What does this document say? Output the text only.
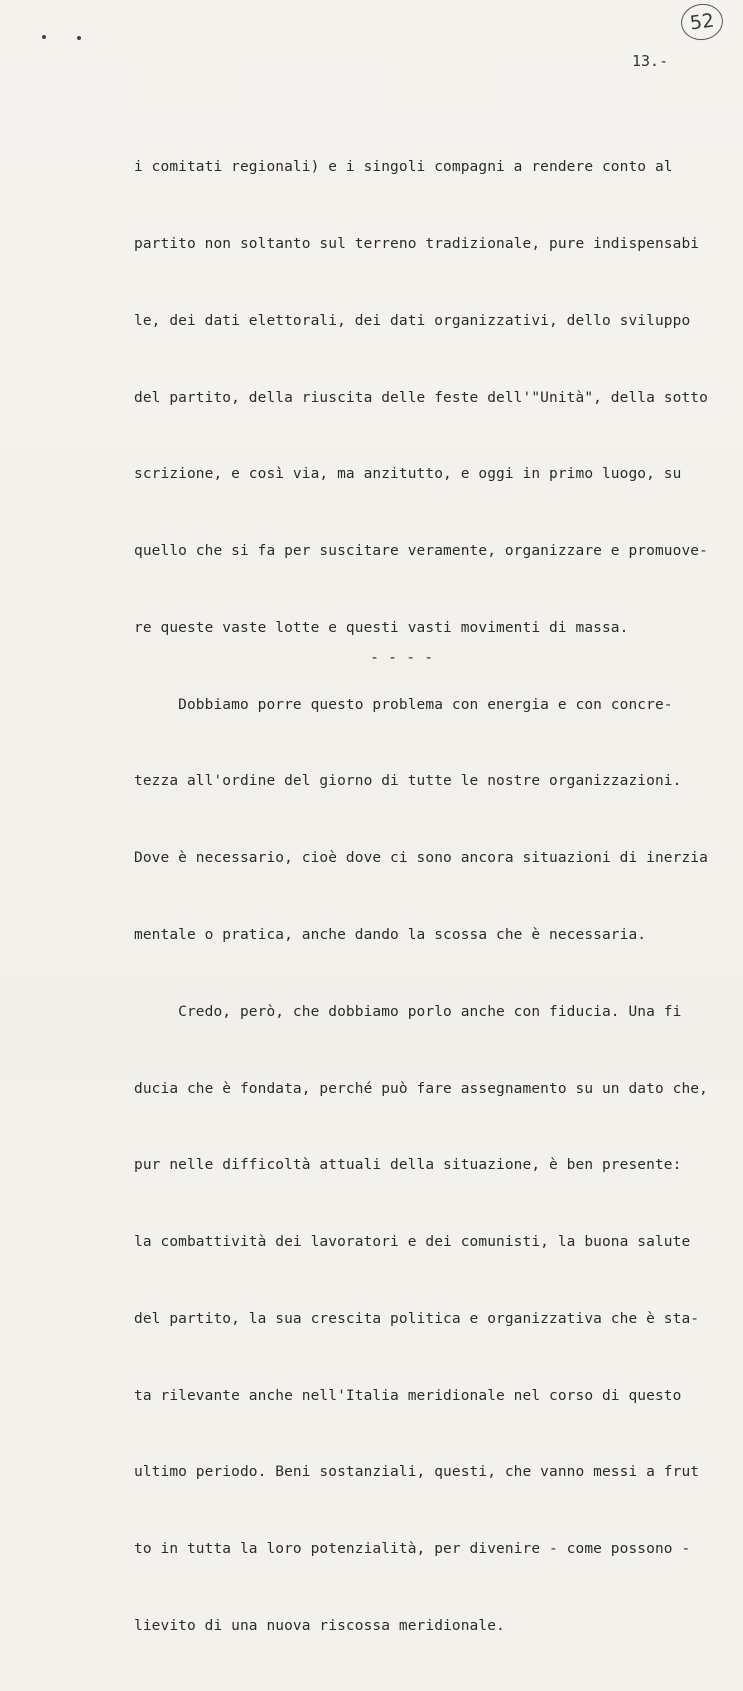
52
13.-

i comitati regionali) e i singoli compagni a rendere conto al

partito non soltanto sul terreno tradizionale, pure indispensabi

le, dei dati elettorali, dei dati organizzativi, dello sviluppo

del partito, della riuscita delle feste dell'"Unità", della sotto

scrizione, e così via, ma anzitutto, e oggi in primo luogo, su

quello che si fa per suscitare veramente, organizzare e promuove-

re queste vaste lotte e questi vasti movimenti di massa.

Dobbiamo porre questo problema con energia e con concre-

tezza all'ordine del giorno di tutte le nostre organizzazioni.

Dove è necessario, cioè dove ci sono ancora situazioni di inerzia

mentale o pratica, anche dando la scossa che è necessaria.

Credo, però, che dobbiamo porlo anche con fiducia. Una fi

ducia che è fondata, perché può fare assegnamento su un dato che,

pur nelle difficoltà attuali della situazione, è ben presente:

la combattività dei lavoratori e dei comunisti, la buona salute

del partito, la sua crescita politica e organizzativa che è sta-

ta rilevante anche nell'Italia meridionale nel corso di questo

ultimo periodo. Beni sostanziali, questi, che vanno messi a frut

to in tutta la loro potenzialità, per divenire - come possono -

lievito di una nuova riscossa meridionale.

- - - -
